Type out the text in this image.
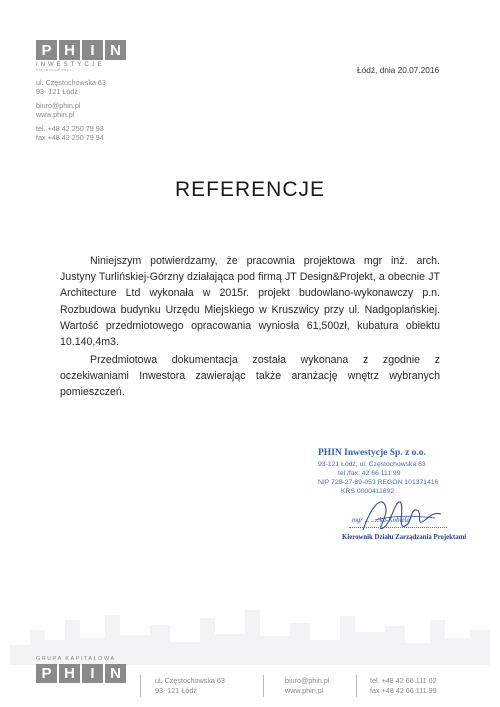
P H	I	N
INWESTYCJE
nieruchomości
ul. Częstochowska 63
93- 121 Łódź
biuro@phin.pl
www.phin.pl
tel. +48 42 250 79 93
fax +48 42 250 79 94
Łódź, dnia 20.07.2016
REFERENCJE
Niniejszym potwierdzamy, że pracownia projektowa mgr inż. arch.
Justyny Turlińskiej-Górzny działająca pod firmą JT Design&Projekt, a obecnie JT
Architecture Ltd wykonała w 2015r. projekt budowlano-wykonawczy p.n.
Rozbudowa budynku Urzędu Miejskiego w Kruszwicy przy ul. Nadgoplańskiej.
Wartość przedmiotowego opracowania wyniosła 61,500zł, kubatura obiektu
10.140,4m3.
Przedmiotowa dokumentacja została wykonana z zgodnie z
oczekiwaniami Inwestora zawierając także aranżację wnętrz wybranych
pomieszczeń.
PHIN Inwestycje Sp. z o.o.
93-121 Łódź, ul. Częstochowska 63
tel./fax: 42 66 111 99
NIP 728-27-89-053 REGON 101371416
KRS 0000411892
mgr ... ...cka-Kobiela
Kierownik Działu Zarządzania Projektami
GRUPA KAPITAŁOWA
P H	I	N	ul. Częstochowska 63
93- 121 Łódź
biuro@phin.pl
www.phin.pl
tel. +48 42 66 111 02
fax +48 42 66 111 99
